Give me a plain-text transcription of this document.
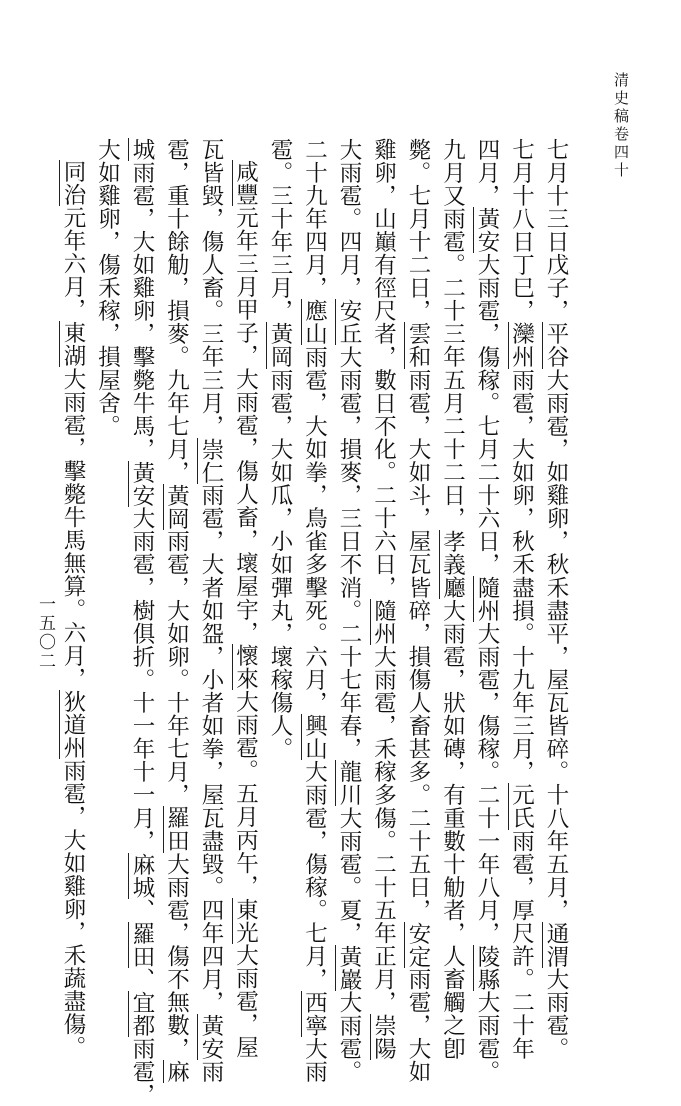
清史稿卷四十
一五〇二
七月十三日戊子，平谷大雨雹，如雞卵，秋禾盡平，屋瓦皆碎。十八年五月，通渭大雨雹。
七月十八日丁巳，灤州雨雹，大如卵，秋禾盡損。十九年三月，元氏雨雹，厚尺許。二十年
四月，黃安大雨雹，傷稼。七月二十六日，隨州大雨雹，傷稼。二十一年八月，陵縣大雨雹。
九月又雨雹。二十三年五月二十二日，孝義廳大雨雹，狀如磚，有重數十觔者，人畜觸之卽
斃。七月十二日，雲和雨雹，大如斗，屋瓦皆碎，損傷人畜甚多。二十五日，安定雨雹，大如
雞卵，山巔有徑尺者，數日不化。二十六日，隨州大雨雹，禾稼多傷。二十五年正月，崇陽
大雨雹。四月，安丘大雨雹，損麥，三日不消。二十七年春，龍川大雨雹。夏，黃巖大雨雹。
二十九年四月，應山雨雹，大如拳，鳥雀多擊死。六月，興山大雨雹，傷稼。七月，西寧大雨
雹。三十年三月，黃岡雨雹，大如瓜，小如彈丸，壞稼傷人。
咸豐元年三月甲子，大雨雹，傷人畜，壞屋宇，懷來大雨雹。五月丙午，東光大雨雹，屋
瓦皆毀，傷人畜。三年三月，崇仁雨雹，大者如盌，小者如拳，屋瓦盡毀。四年四月，黃安雨
雹，重十餘觔，損麥。九年七月，黃岡雨雹，大如卵。十年七月，羅田大雨雹，傷不無數，麻
城雨雹，大如雞卵，擊斃牛馬，黃安大雨雹，樹俱折。十一年十一月，麻城、羅田、宜都雨雹，
大如雞卵，傷禾稼，損屋舍。
同治元年六月，東湖大雨雹，擊斃牛馬無算。六月，狄道州雨雹，大如雞卵，禾蔬盡傷。
